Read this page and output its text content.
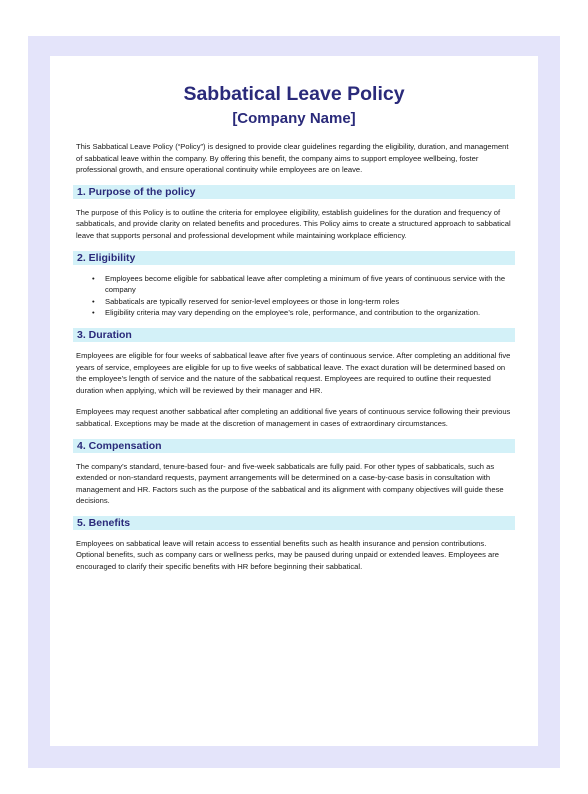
Sabbatical Leave Policy
[Company Name]

This Sabbatical Leave Policy (“Policy”) is designed to provide clear guidelines regarding the eligibility, duration, and management of sabbatical leave within the company. By offering this benefit, the company aims to support employee wellbeing, foster professional growth, and ensure operational continuity while employees are on leave.

1. Purpose of the policy

The purpose of this Policy is to outline the criteria for employee eligibility, establish guidelines for the duration and frequency of sabbaticals, and provide clarity on related benefits and procedures. This Policy aims to create a structured approach to sabbatical leave that supports personal and professional development while maintaining workplace efficiency.

2. Eligibility
• Employees become eligible for sabbatical leave after completing a minimum of five years of continuous service with the company
• Sabbaticals are typically reserved for senior-level employees or those in long-term roles
• Eligibility criteria may vary depending on the employee’s role, performance, and contribution to the organization.
3. Duration

Employees are eligible for four weeks of sabbatical leave after five years of continuous service. After completing an additional five years of service, employees are eligible for up to five weeks of sabbatical leave. The exact duration will be determined based on the employee’s length of service and the nature of the sabbatical request. Employees are required to outline their requested duration when applying, which will be reviewed by their manager and HR.

Employees may request another sabbatical after completing an additional five years of continuous service following their previous sabbatical. Exceptions may be made at the discretion of management in cases of extraordinary circumstances.

4. Compensation

The company’s standard, tenure-based four- and five-week sabbaticals are fully paid. For other types of sabbaticals, such as extended or non-standard requests, payment arrangements will be determined on a case-by-case basis in consultation with management and HR. Factors such as the purpose of the sabbatical and its alignment with company objectives will guide these decisions.

5. Benefits

Employees on sabbatical leave will retain access to essential benefits such as health insurance and pension contributions. Optional benefits, such as company cars or wellness perks, may be paused during unpaid or extended leaves. Employees are encouraged to clarify their specific benefits with HR before beginning their sabbatical.
